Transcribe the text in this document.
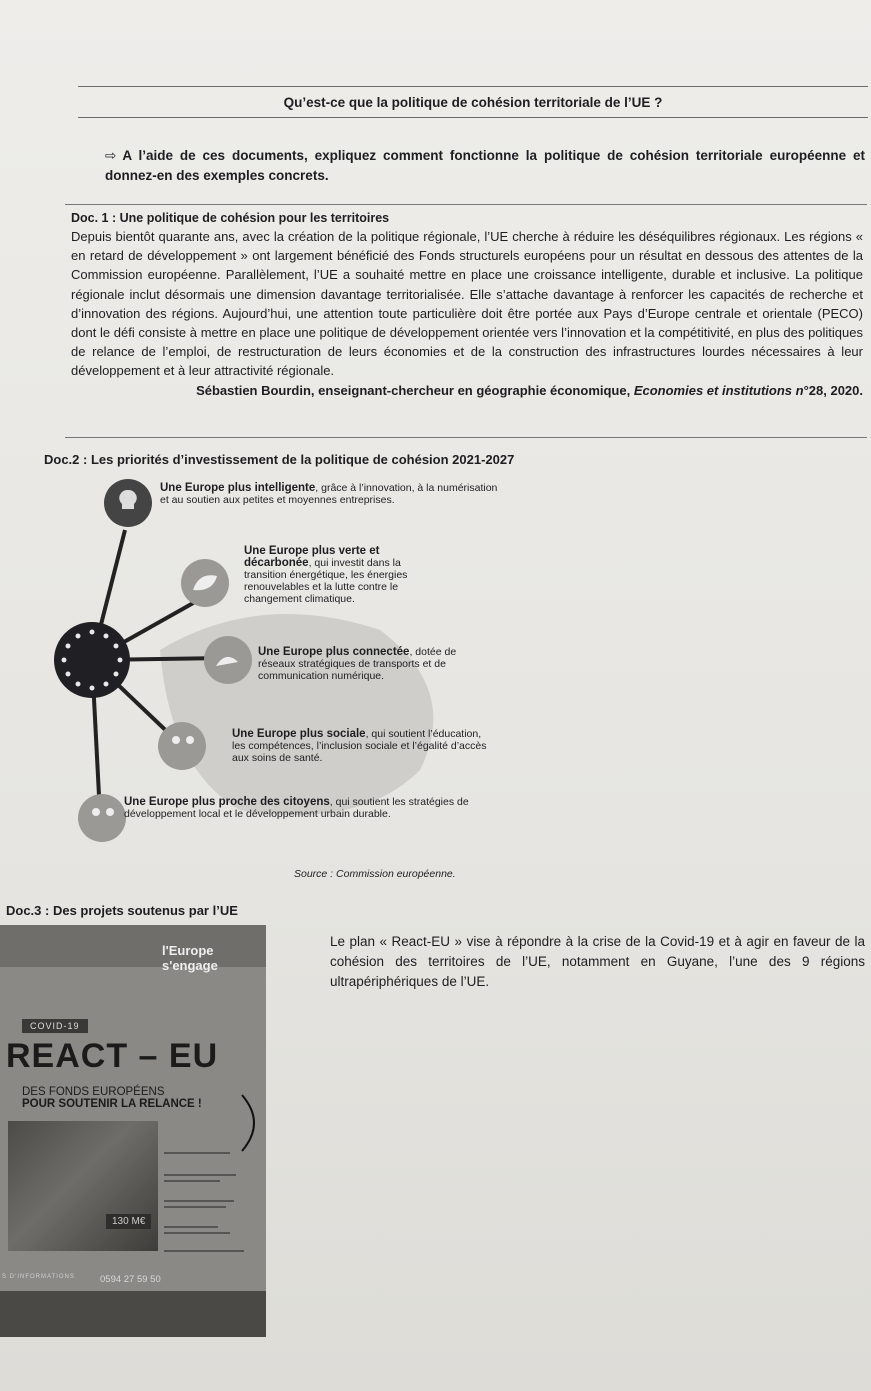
Qu’est-ce que la politique de cohésion territoriale de l’UE ?
⇨ A l’aide de ces documents, expliquez comment fonctionne la politique de cohésion territoriale européenne et donnez-en des exemples concrets.
Doc. 1 : Une politique de cohésion pour les territoires
Depuis bientôt quarante ans, avec la création de la politique régionale, l’UE cherche à réduire les déséquilibres régionaux. Les régions « en retard de développement » ont largement bénéficié des Fonds structurels européens pour un résultat en dessous des attentes de la Commission européenne. Parallèlement, l’UE a souhaité mettre en place une croissance intelligente, durable et inclusive. La politique régionale inclut désormais une dimension davantage territorialisée. Elle s’attache davantage à renforcer les capacités de recherche et d’innovation des régions. Aujourd’hui, une attention toute particulière doit être portée aux Pays d’Europe centrale et orientale (PECO) dont le défi consiste à mettre en place une politique de développement orientée vers l’innovation et la compétitivité, en plus des politiques de relance de l’emploi, de restructuration de leurs économies et de la construction des infrastructures lourdes nécessaires à leur développement et à leur attractivité régionale.
Sébastien Bourdin, enseignant-chercheur en géographie économique, Economies et institutions n°28, 2020.
Doc.2 : Les priorités d’investissement de la politique de cohésion 2021-2027
Une Europe plus intelligente, grâce à l’innovation, à la numérisation et au soutien aux petites et moyennes entreprises.
Une Europe plus verte et décarbonée, qui investit dans la transition énergétique, les énergies renouvelables et la lutte contre le changement climatique.
Une Europe plus connectée, dotée de réseaux stratégiques de transports et de communication numérique.
Une Europe plus sociale, qui soutient l’éducation, les compétences, l’inclusion sociale et l’égalité d’accès aux soins de santé.
Une Europe plus proche des citoyens, qui soutient les stratégies de développement local et le développement urbain durable.
Source : Commission européenne.
Doc.3 : Des projets soutenus par l’UE
l'Europe s'engage
COVID-19
REACT – EU
DES FONDS EUROPÉENS
POUR SOUTENIR LA RELANCE !
130 M€
S D’INFORMATIONS	0594 27 59 50
Le plan « React-EU » vise à répondre à la crise de la Covid-19 et à agir en faveur de la cohésion des territoires de l’UE, notamment en Guyane, l’une des 9 régions ultrapériphériques de l’UE.
